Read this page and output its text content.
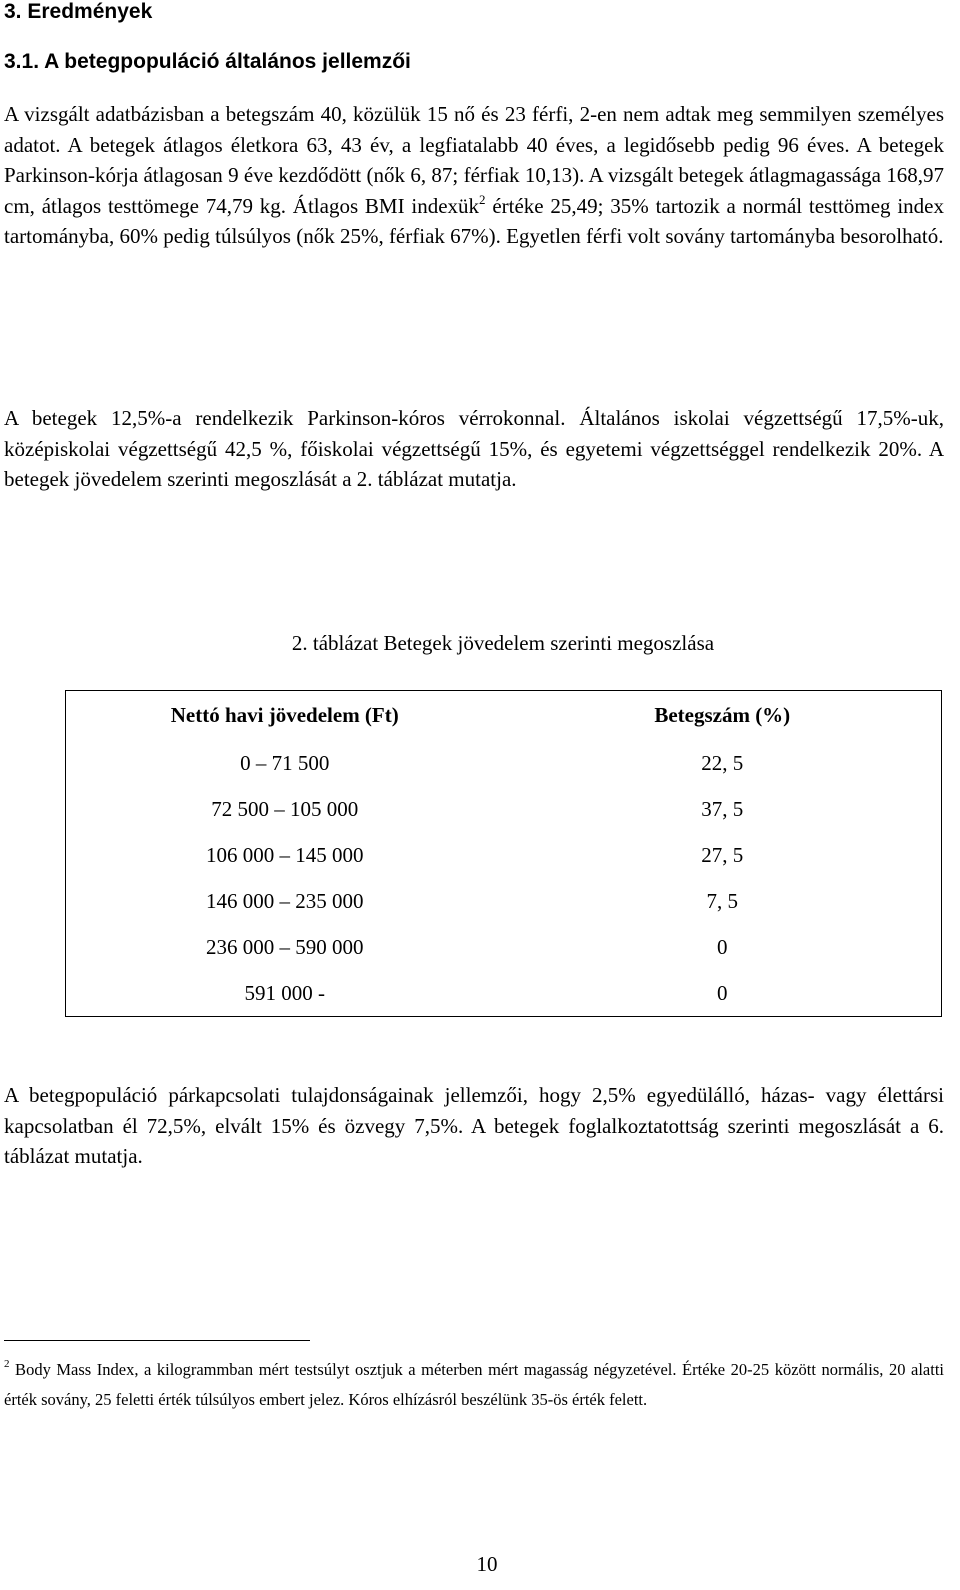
3. Eredmények
3.1. A betegpopuláció általános jellemzői

A vizsgált adatbázisban a betegszám 40, közülük 15 nő és 23 férfi, 2-en nem adtak meg semmilyen személyes adatot. A betegek átlagos életkora 63, 43 év, a legfiatalabb 40 éves, a legidősebb pedig 96 éves. A betegek Parkinson-kórja átlagosan 9 éve kezdődött (nők 6, 87; férfiak 10,13). A vizsgált betegek átlagmagassága 168,97 cm, átlagos testtömege 74,79 kg. Átlagos BMI indexük$^2$ értéke 25,49; 35% tartozik a normál testtömeg index tartományba, 60% pedig túlsúlyos (nők 25%, férfiak 67%). Egyetlen férfi volt sovány tartományba besorolható.

A betegek 12,5%-a rendelkezik Parkinson-kóros vérrokonnal. Általános iskolai végzettségű 17,5%-uk, középiskolai végzettségű 42,5 %, főiskolai végzettségű 15%, és egyetemi végzettséggel rendelkezik 20%. A betegek jövedelem szerinti megoszlását a 2. táblázat mutatja.

2. táblázat Betegek jövedelem szerinti megoszlása
Nettó havi jövedelem (Ft)	Betegszám (%)
0 – 71 500	22, 5
72 500 – 105 000	37, 5
106 000 – 145 000	27, 5
146 000 – 235 000	7, 5
236 000 – 590 000	0
591 000 -	0

A betegpopuláció párkapcsolati tulajdonságainak jellemzői, hogy 2,5% egyedülálló, házas- vagy élettársi kapcsolatban él 72,5%, elvált 15% és özvegy 7,5%. A betegek foglalkoztatottság szerinti megoszlását a 6. táblázat mutatja.

$^2$ Body Mass Index, a kilogrammban mért testsúlyt osztjuk a méterben mért magasság négyzetével. Értéke 20-25 között normális, 20 alatti érték sovány, 25 feletti érték túlsúlyos embert jelez. Kóros elhízásról beszélünk 35-ös érték felett.

10
